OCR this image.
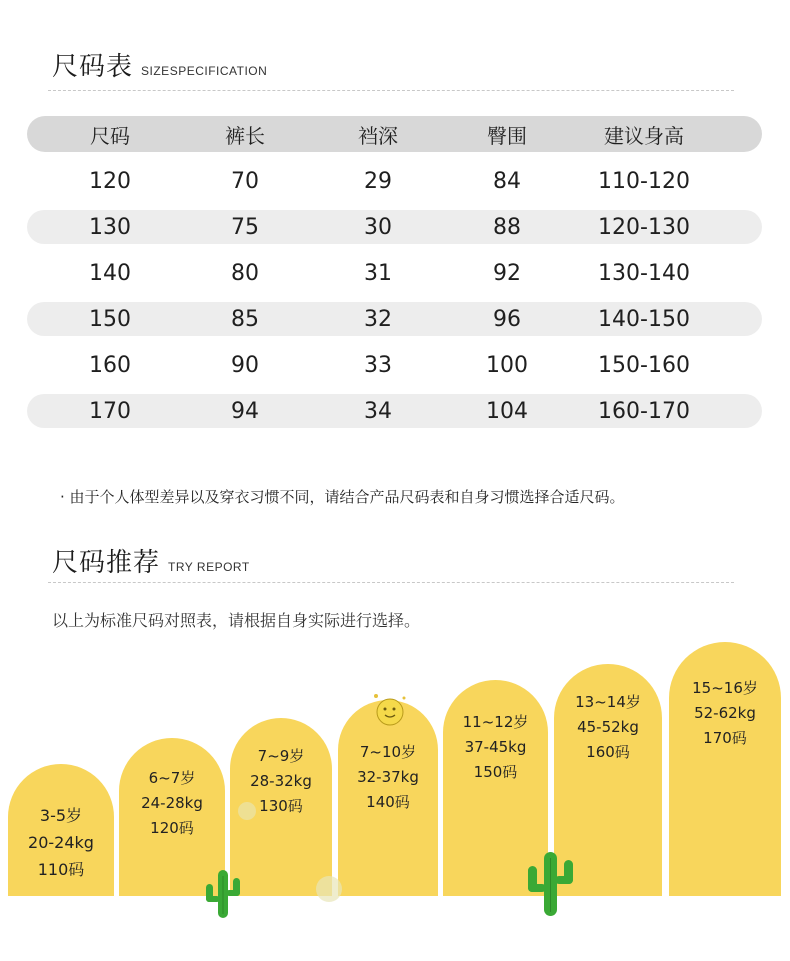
尺码表 SIZESPECIFICATION
尺码	裤长	裆深	臀围	建议身高
120	70	29	84	110-120
130	75	30	88	120-130
140	80	31	92	130-140
150	85	32	96	140-150
160	90	33	100	150-160
170	94	34	104	160-170
· 由于个人体型差异以及穿衣习惯不同，请结合产品尺码表和自身习惯选择合适尺码。
尺码推荐 TRY REPORT
以上为标准尺码对照表，请根据自身实际进行选择。
3-5岁
20-24kg
110码
6~7岁
24-28kg
120码
7~9岁
28-32kg
130码
7~10岁
32-37kg
140码
11~12岁
37-45kg
150码
13~14岁
45-52kg
160码
15~16岁
52-62kg
170码
